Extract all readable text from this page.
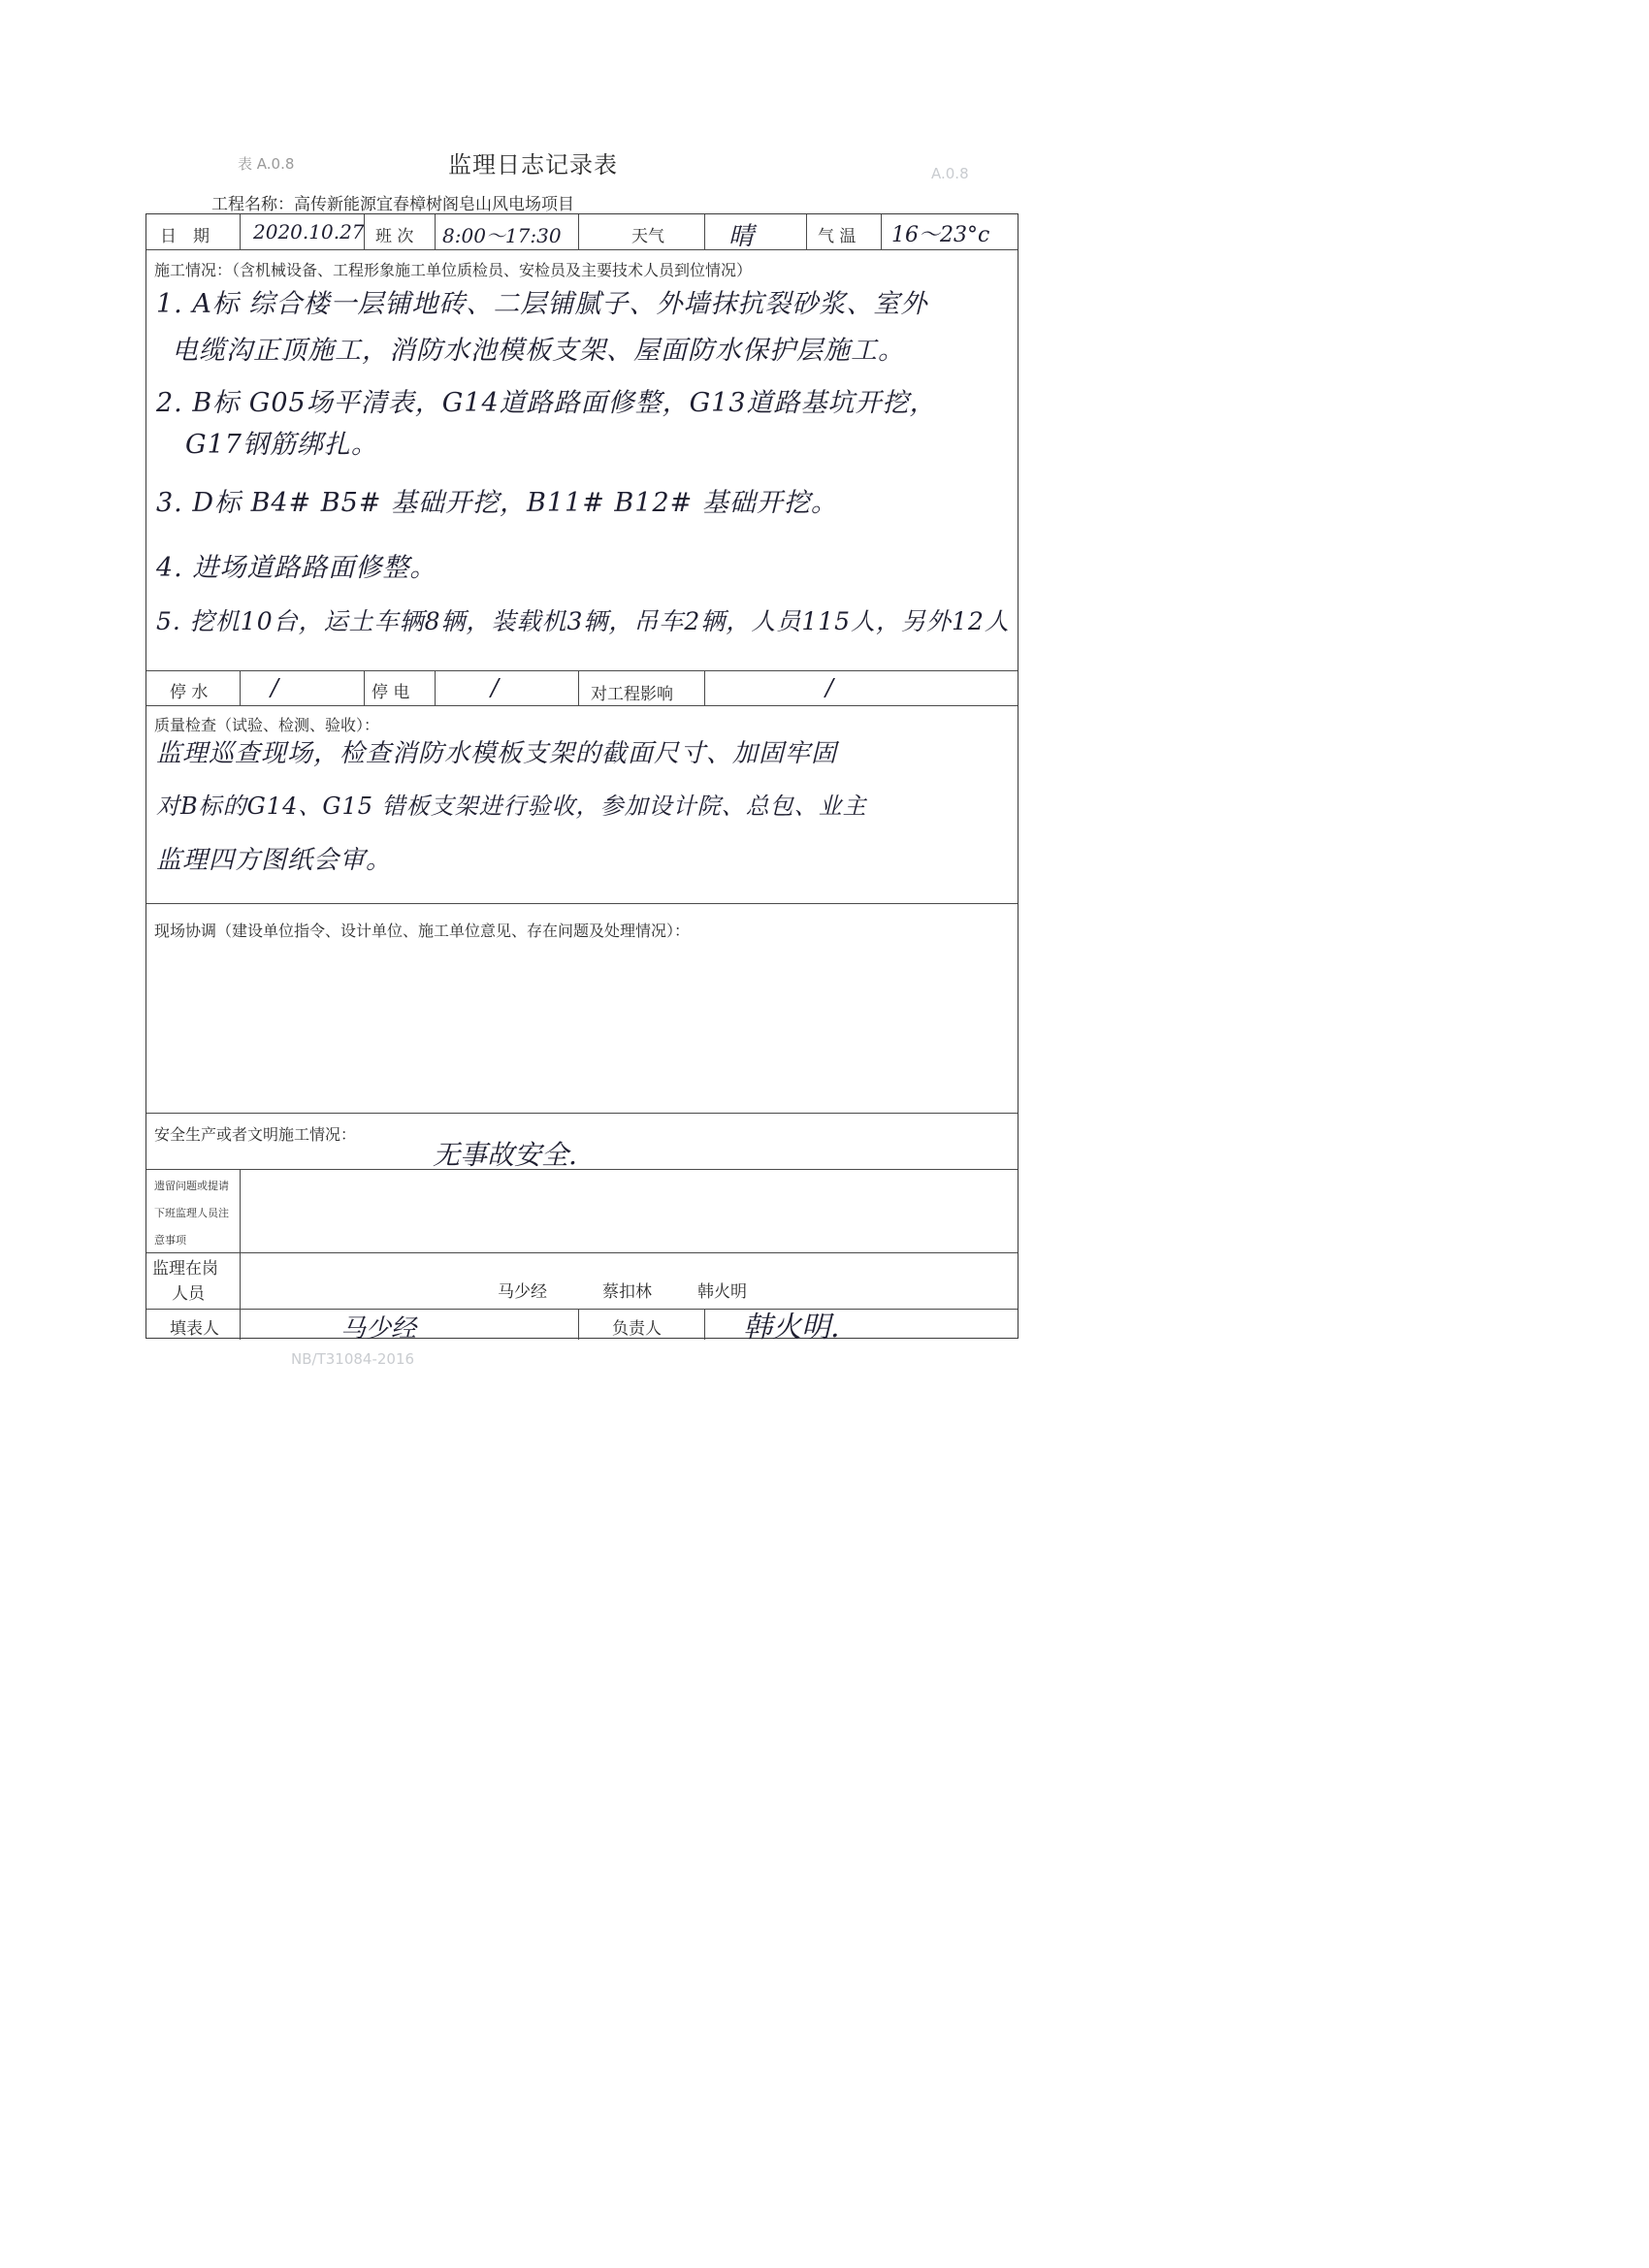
A.0.8
NB/T31084-2016
表 A.0.8	监理日志记录表
工程名称：高传新能源宜春樟树阁皂山风电场项目
日　期 2020.10.27 班 次 8:00～17:30	天气	晴	气 温 16～23°c
施工情况：（含机械设备、工程形象施工单位质检员、安检员及主要技术人员到位情况）
1. A标 综合楼一层铺地砖、二层铺腻子、外墙抹抗裂砂浆、室外
电缆沟正顶施工，消防水池模板支架、屋面防水保护层施工。
2. B标 G05场平清表，G14道路路面修整，G13道路基坑开挖，
G17钢筋绑扎。
3. D标 B4# B5# 基础开挖，B11# B12# 基础开挖。
4. 进场道路路面修整。
5. 挖机10台，运土车辆8辆，装载机3辆，吊车2辆，人员115人，另外12人
停 水	/	停 电	/	对工程影响	/
质量检查（试验、检测、验收）：
监理巡查现场，检查消防水模板支架的截面尺寸、加固牢固
对B标的G14、G15 错板支架进行验收，参加设计院、总包、业主
监理四方图纸会审。
现场协调（建设单位指令、设计单位、施工单位意见、存在问题及处理情况）：
安全生产或者文明施工情况：
无事故安全.
遗留问题或提请
下班监理人员注
意事项
监理在岗
人员	马少经	蔡扣林	韩火明
填表人	马少经	负责人	韩火明.
